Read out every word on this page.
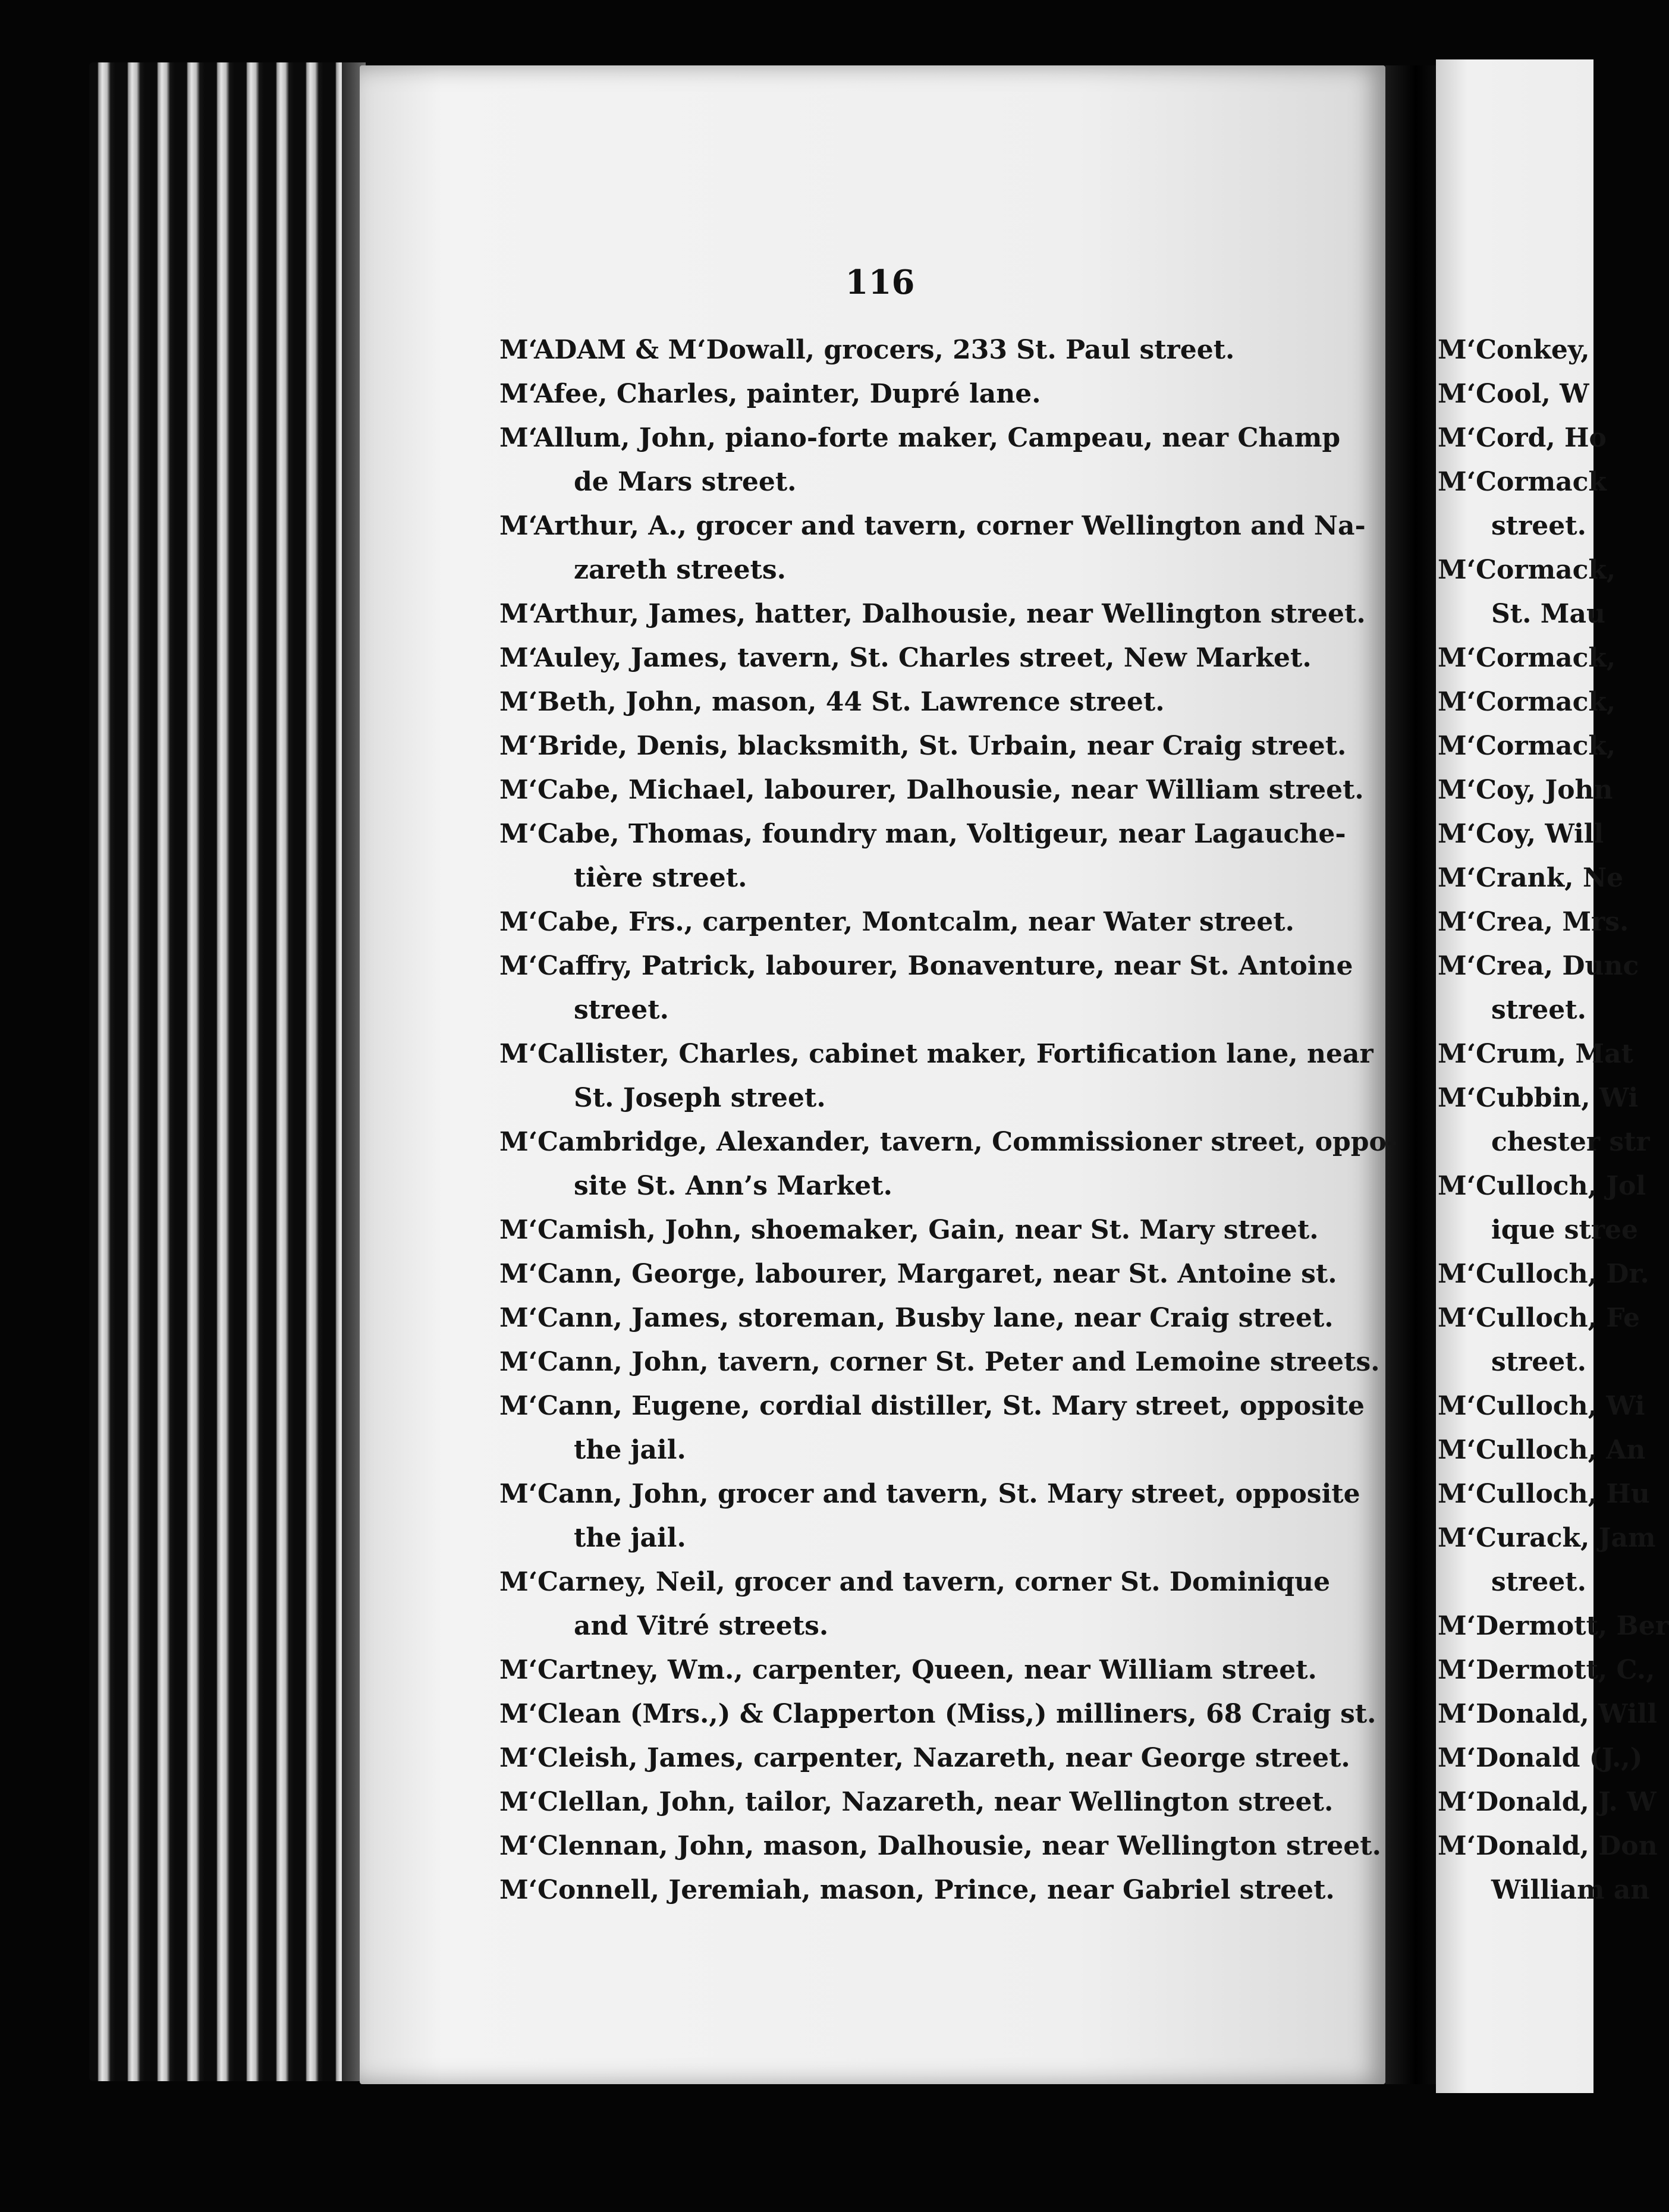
116
M‘ADAM & M‘Dowall, grocers, 233 St. Paul street.
M‘Afee, Charles, painter, Dupré lane.
M‘Allum, John, piano-forte maker, Campeau, near Champ
de Mars street.
M‘Arthur, A., grocer and tavern, corner Wellington and Na-
zareth streets.
M‘Arthur, James, hatter, Dalhousie, near Wellington street.
M‘Auley, James, tavern, St. Charles street, New Market.
M‘Beth, John, mason, 44 St. Lawrence street.
M‘Bride, Denis, blacksmith, St. Urbain, near Craig street.
M‘Cabe, Michael, labourer, Dalhousie, near William street.
M‘Cabe, Thomas, foundry man, Voltigeur, near Lagauche-
tière street.
M‘Cabe, Frs., carpenter, Montcalm, near Water street.
M‘Caffry, Patrick, labourer, Bonaventure, near St. Antoine
street.
M‘Callister, Charles, cabinet maker, Fortification lane, near
St. Joseph street.
M‘Cambridge, Alexander, tavern, Commissioner street, oppo-
site St. Ann’s Market.
M‘Camish, John, shoemaker, Gain, near St. Mary street.
M‘Cann, George, labourer, Margaret, near St. Antoine st.
M‘Cann, James, storeman, Busby lane, near Craig street.
M‘Cann, John, tavern, corner St. Peter and Lemoine streets.
M‘Cann, Eugene, cordial distiller, St. Mary street, opposite
the jail.
M‘Cann, John, grocer and tavern, St. Mary street, opposite
the jail.
M‘Carney, Neil, grocer and tavern, corner St. Dominique
and Vitré streets.
M‘Cartney, Wm., carpenter, Queen, near William street.
M‘Clean (Mrs.,) & Clapperton (Miss,) milliners, 68 Craig st.
M‘Cleish, James, carpenter, Nazareth, near George street.
M‘Clellan, John, tailor, Nazareth, near Wellington street.
M‘Clennan, John, mason, Dalhousie, near Wellington street.
M‘Connell, Jeremiah, mason, Prince, near Gabriel street.
M‘Conkey,
M‘Cool, W
M‘Cord, Ho
M‘Cormack
street.
M‘Cormack,
St. Mau
M‘Cormack,
M‘Cormack,
M‘Cormack,
M‘Coy, John
M‘Coy, Will
M‘Crank, Ne
M‘Crea, Mrs.
M‘Crea, Dunc
street.
M‘Crum, Mat
M‘Cubbin, Wi
chester str
M‘Culloch, Jol
ique stree
M‘Culloch, Dr.
M‘Culloch, Fe
street.
M‘Culloch, Wi
M‘Culloch, An
M‘Culloch, Hu
M‘Curack, Jam
street.
M‘Dermott, Ber
M‘Dermott, C.,
M‘Donald, Will
M‘Donald (J.,)
M‘Donald, J. W
M‘Donald, Don
William an
